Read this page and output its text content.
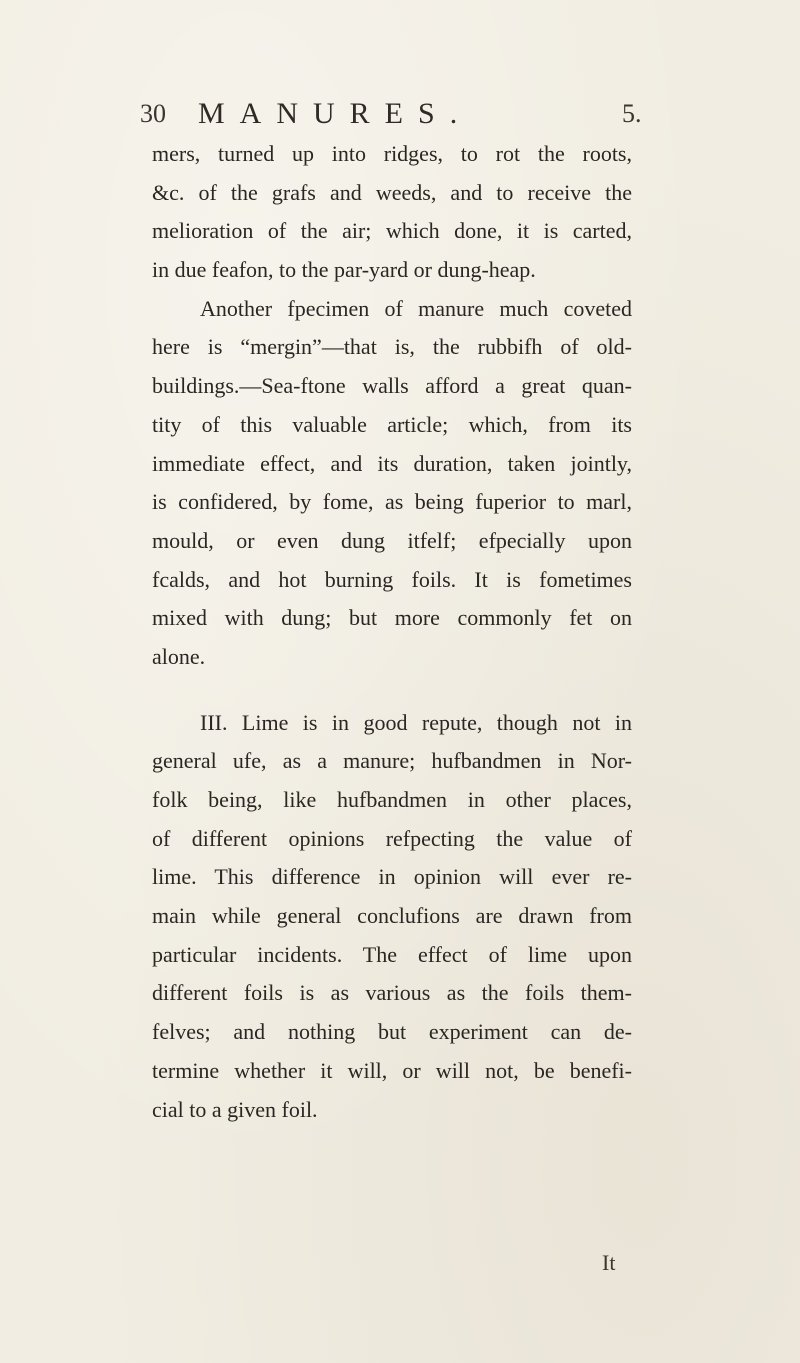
30 MANURES.	5.
mers, turned up into ridges, to rot the roots,
&c. of the grafs and weeds, and to receive the
melioration of the air; which done, it is carted,
in due feafon, to the par-yard or dung-heap.
Another fpecimen of manure much coveted
here is “mergin”—that is, the rubbifh of old-
buildings.—Sea-ftone walls afford a great quan-
tity of this valuable article; which, from its
immediate effect, and its duration, taken jointly,
is confidered, by fome, as being fuperior to marl,
mould, or even dung itfelf; efpecially upon
fcalds, and hot burning foils. It is fometimes
mixed with dung; but more commonly fet on
alone.
III. Lime is in good repute, though not in
general ufe, as a manure; hufbandmen in Nor-
folk being, like hufbandmen in other places,
of different opinions refpecting the value of
lime. This difference in opinion will ever re-
main while general conclufions are drawn from
particular incidents. The effect of lime upon
different foils is as various as the foils them-
felves; and nothing but experiment can de-
termine whether it will, or will not, be benefi-
cial to a given foil.
It
